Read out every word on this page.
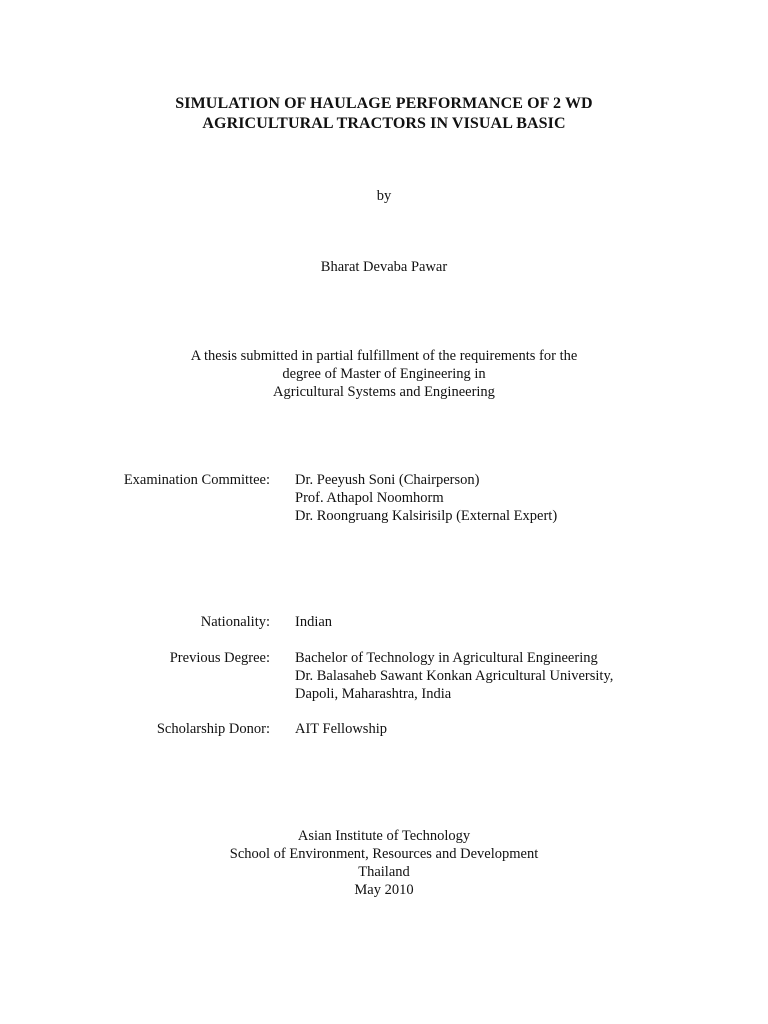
SIMULATION OF HAULAGE PERFORMANCE OF 2 WD
AGRICULTURAL TRACTORS IN VISUAL BASIC
by
Bharat Devaba Pawar
A thesis submitted in partial fulfillment of the requirements for the
degree of Master of Engineering in
Agricultural Systems and Engineering
Examination Committee: Dr. Peeyush Soni (Chairperson)
Prof. Athapol Noomhorm
Dr. Roongruang Kalsirisilp (External Expert)
Nationality: Indian
Previous Degree: Bachelor of Technology in Agricultural Engineering
Dr. Balasaheb Sawant Konkan Agricultural University,
Dapoli, Maharashtra, India
Scholarship Donor: AIT Fellowship
Asian Institute of Technology
School of Environment, Resources and Development
Thailand
May 2010
